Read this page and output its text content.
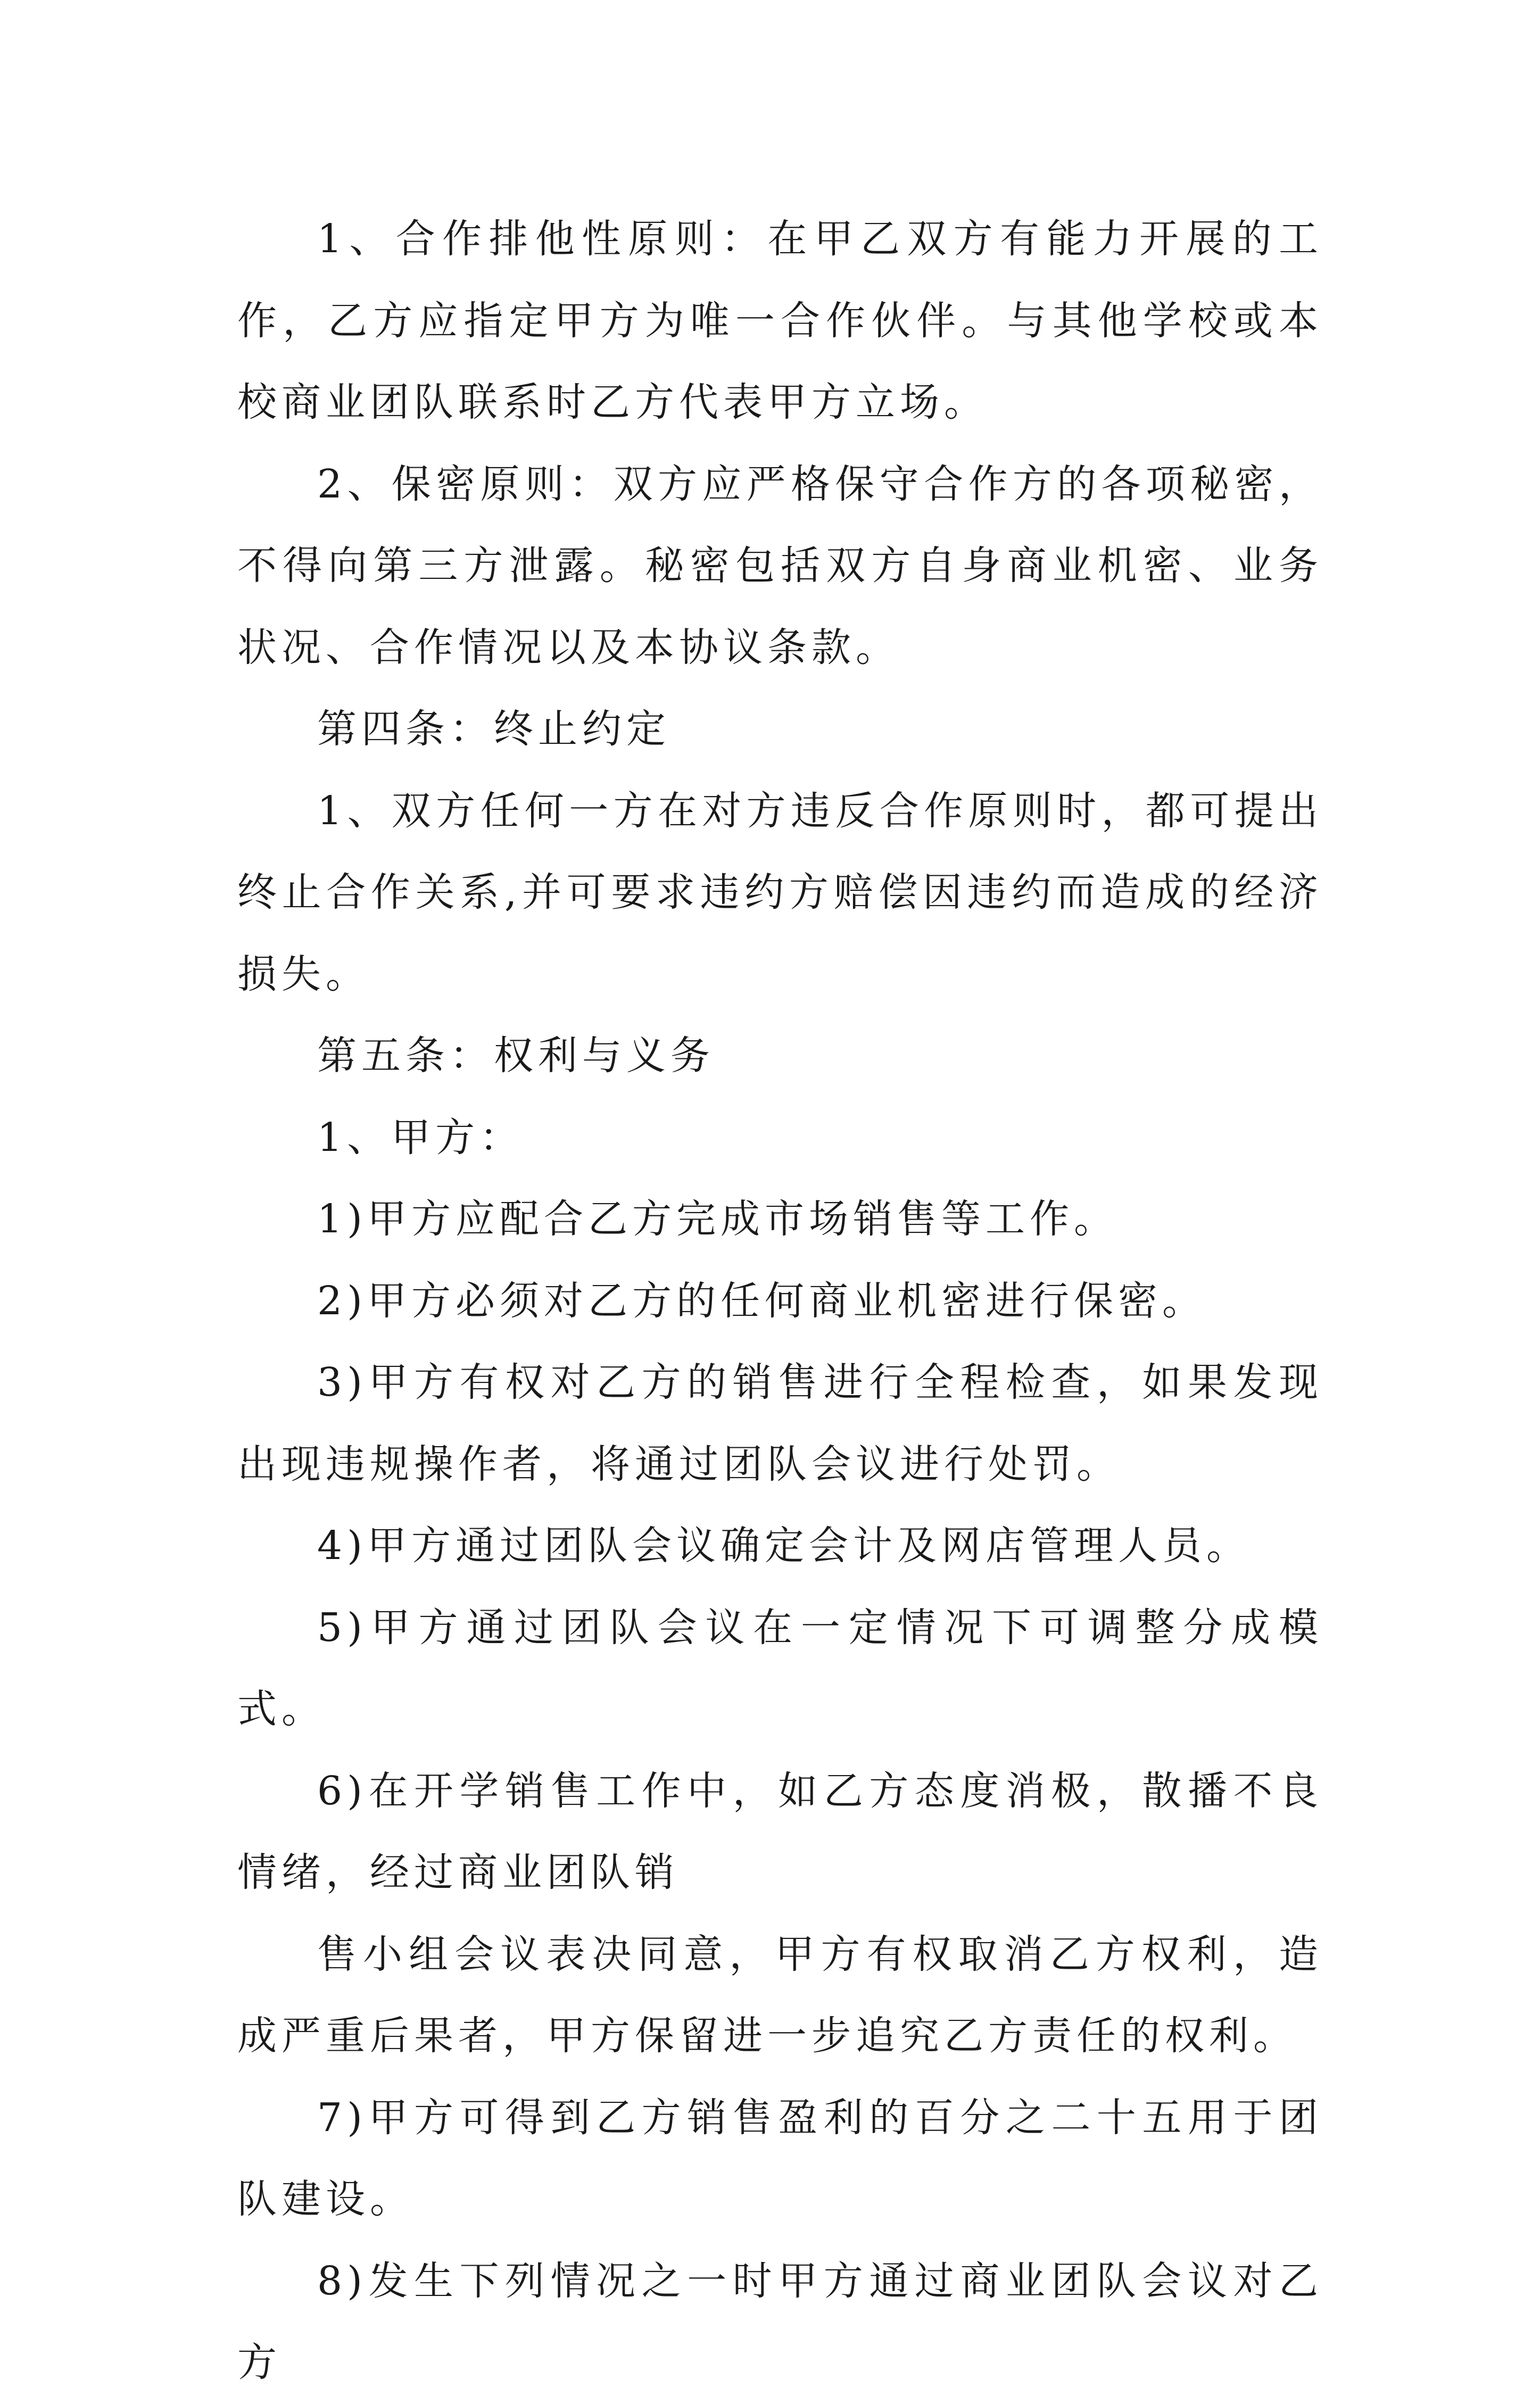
1、合作排他性原则：在甲乙双方有能力开展的工作，乙方应指定甲方为唯一合作伙伴。与其他学校或本校商业团队联系时乙方代表甲方立场。

2、保密原则：双方应严格保守合作方的各项秘密，不得向第三方泄露。秘密包括双方自身商业机密、业务状况、合作情况以及本协议条款。

第四条：终止约定

1、双方任何一方在对方违反合作原则时，都可提出终止合作关系,并可要求违约方赔偿因违约而造成的经济损失。

第五条：权利与义务

1、甲方：

1)甲方应配合乙方完成市场销售等工作。

2)甲方必须对乙方的任何商业机密进行保密。

3)甲方有权对乙方的销售进行全程检查，如果发现出现违规操作者，将通过团队会议进行处罚。

4)甲方通过团队会议确定会计及网店管理人员。

5)甲方通过团队会议在一定情况下可调整分成模式。

6)在开学销售工作中，如乙方态度消极，散播不良情绪，经过商业团队销

售小组会议表决同意，甲方有权取消乙方权利，造成严重后果者，甲方保留进一步追究乙方责任的权利。

7)甲方可得到乙方销售盈利的百分之二十五用于团队建设。

8)发生下列情况之一时甲方通过商业团队会议对乙方
